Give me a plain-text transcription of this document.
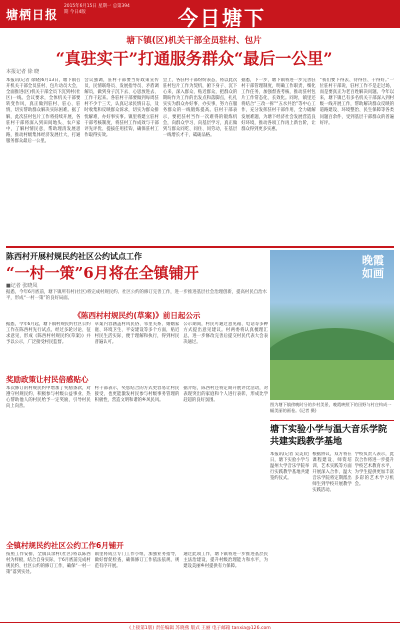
塘栖日报
2015年6月15日 星期一 总第394期 今日4版	今日塘下
塘下镇(区)机关干部全员驻村、包片
“真驻实干”打通服务群众“最后一公里”
本报记者 徐 晓
本报讯(记者 徐晓)6月13日，塘下镇召开机关干部全员驻村、包片动员大会，全面推进(区)机关干部全员下沉到村(社区)一线。会议要求，全体机关干部要转变作风，真正做到驻村、驻心、驻情，切实帮助群众解决实际困难。据了解，此次驻村包片工作将持续开展，各驻村干部将深入到田间地头、农户家中，了解村情民意，帮助理清发展思路，推动村级集体经济发展壮大，打通服务群众最后一公里。
会议强调，驻村干部要当好政策宣传员、民情联络员、发展指导员、矛盾调解员，做到身子沉下去、心思放进去、工作干起来。各驻村干部要做到每周驻村不少于三天，认真记录民情日志，及时收集和反映群众诉求，切实为群众排忧解难，办好事实事。镇里将建立驻村干部考核制度，将驻村工作成效与干部评先评优、提拔任用挂钩，确保驻村工作取得实效。
会上，各驻村干部纷纷表态，将以此次驻村包片工作为契机，俯下身子、沉下心来，深入群众、贴近群众，把群众的期盼作为工作的出发点和落脚点，扎扎实实为群众办好事、办实事，努力在服务群众的一线锻炼提高。驻村干部表示，要把驻村当作一次难得的锻炼机会，向群众学习、向基层学习，真正做到与群众同吃、同住、同劳动，在基层一线增长才干、砥砺品格。
据悉，下一步，塘下镇将进一步完善驻村干部管理制度，明确工作职责，细化工作任务，加强督查考核，推动驻村包片工作常态化、长效化。同时，镇里还将结合“三改一拆”“五水共治”等中心工作，充分发挥驻村干部作用，全力破解发展难题，为塘下经济社会发展营造良好环境，推动各项工作再上新台阶，让群众得到更多实惠。
“我们要下得去、待得住、干得好。”一位驻村干部说，驻村工作不是走过场，而是要真正为老百姓解决问题。今年以来，塘下镇已有多名机关干部深入到村级一线开展工作，帮助解决群众反映的道路建设、环境整治、民生保障等各类问题百余件，受到基层干部群众的普遍好评。
陈西村开展村规民约社区公约试点工作
“一村一策”6月将在全镇铺开
■记者 张晓凤
据悉，今年6月底前，塘下镇所有村(社区)将完成村规民约、社区公约的修订完善工作，进一步推进基层社会治理创新，提高村民自治水平，形成“一村一策”的良好局面。
《陈西村村规民约(草案)》前日起公示
据悉，今年6月起，塘下镇村规民约社区公约工作在陈西村先行试点。经过多轮讨论、征求意见，形成《陈西村村规民约(草案)》并予以公示，广泛接受村民监督。
草案内容涵盖村风民俗、邻里关系、婚姻家庭、环境卫生、平安建设等多个方面，贴近村民生活实际，便于理解和执行，得到村民普遍认可。
公示期间，村民可通过意见箱、电话等多种方式提出意见建议。村两委将认真梳理汇总，进一步修改完善后提交村民代表大会表决通过。
奖励政策让村民倍感贴心
本次修订的村规民约中增加了奖励条款，对遵守村规民约、积极参与村级公益事业、热心帮助他人的村民给予一定奖励，引导村民向上向善。
村干部表示，奖惩结合的方式更容易让村民接受，也更能激发村民参与村级事务管理的积极性，营造文明和谐的乡风民风。
据介绍，陈西村还将定期开展评比活动，对表现突出的家庭和个人进行表彰，形成比学赶超的良好氛围。
全镇村规民约社区公约工作6月铺开
按照工作安排，全镇其余村(社区)将以陈西村为样板，结合自身实际，于6月底前完成村规民约、社区公约的修订工作，确保“一村一策”落到实处。
镇里将成立专门工作小组，加强业务指导，做好督促检查，确保修订工作依法依规、规范有序开展。
通过此项工作，塘下镇将进一步推进基层民主法治建设，提升村级治理能力和水平，为建设美丽乡村提供有力保障。
晚霞如画
图为塘下镇傍晚时分的乡村美景，晚霞映照下的田野与村庄构成一幅美丽的画卷。(记者 摄)
塘下实验小学与温大音乐学院共建实践教学基地
本报讯(记者 吴美)近日，塘下实验小学与温州大学音乐学院举行实践教学基地共建签约仪式。
根据协议，双方将在课程建设、师资培训、艺术实践等方面开展深入合作，温大音乐学院将定期派出师生到学校开展教学实践活动。
学校负责人表示，此次合作将进一步提升学校艺术教育水平，为学生提供更加丰富多彩的艺术学习机会。
(上接第1版) 责任编辑 苏晓燕 版式 王丽 电子邮箱 tanxia@126.com
